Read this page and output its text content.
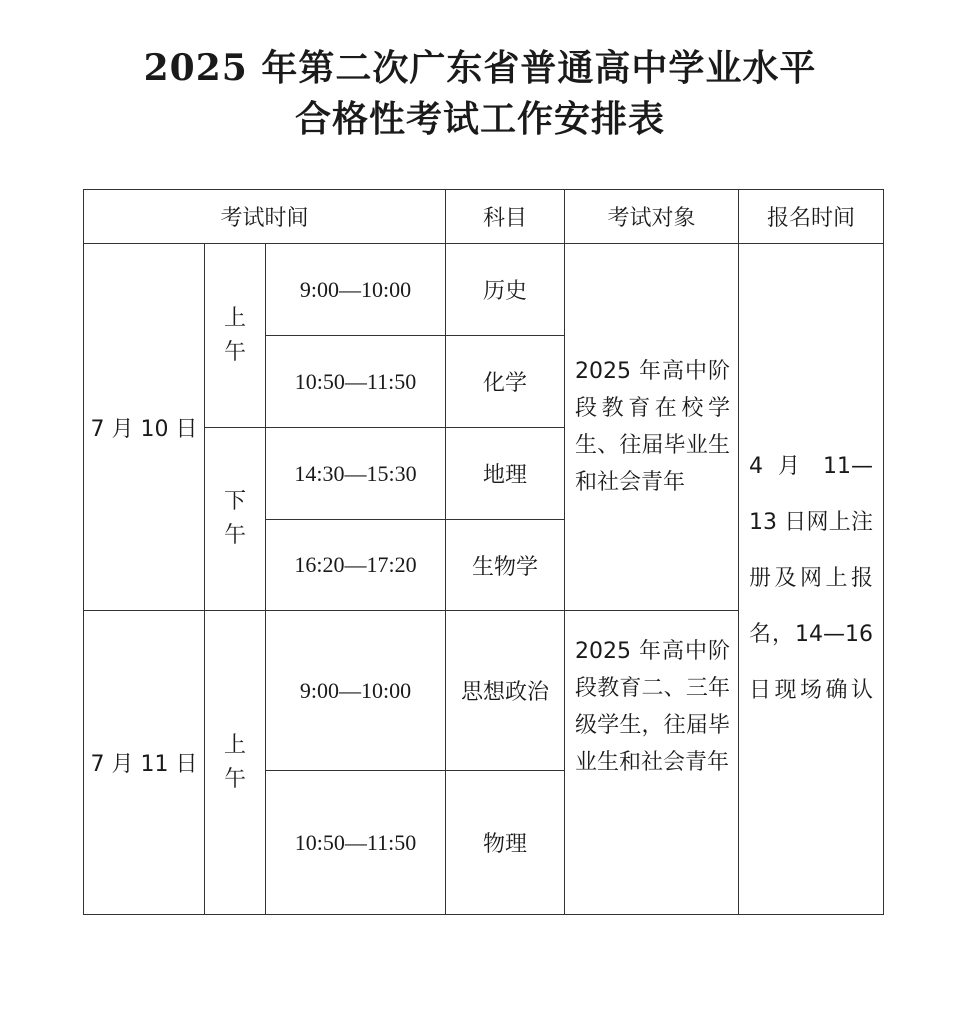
2025 年第二次广东省普通高中学业水平
合格性考试工作安排表
考试时间			科目	考试对象	报名时间
7 月 10 日	上午	9:00—10:00	历史	2025 年高中阶段教育在校学生、往届毕业生和社会青年	4 月 11—13 日网上注册及网上报名，14—16 日现场确认

		10:50—11:50	化学		
	下午	14:30—15:30	地理		
		16:20—17:20	生物学		
7 月 11 日	上午	9:00—10:00	思想政治	2025 年高中阶段教育二、三年级学生，往届毕业生和社会青年	

		10:50—11:50	物理		
